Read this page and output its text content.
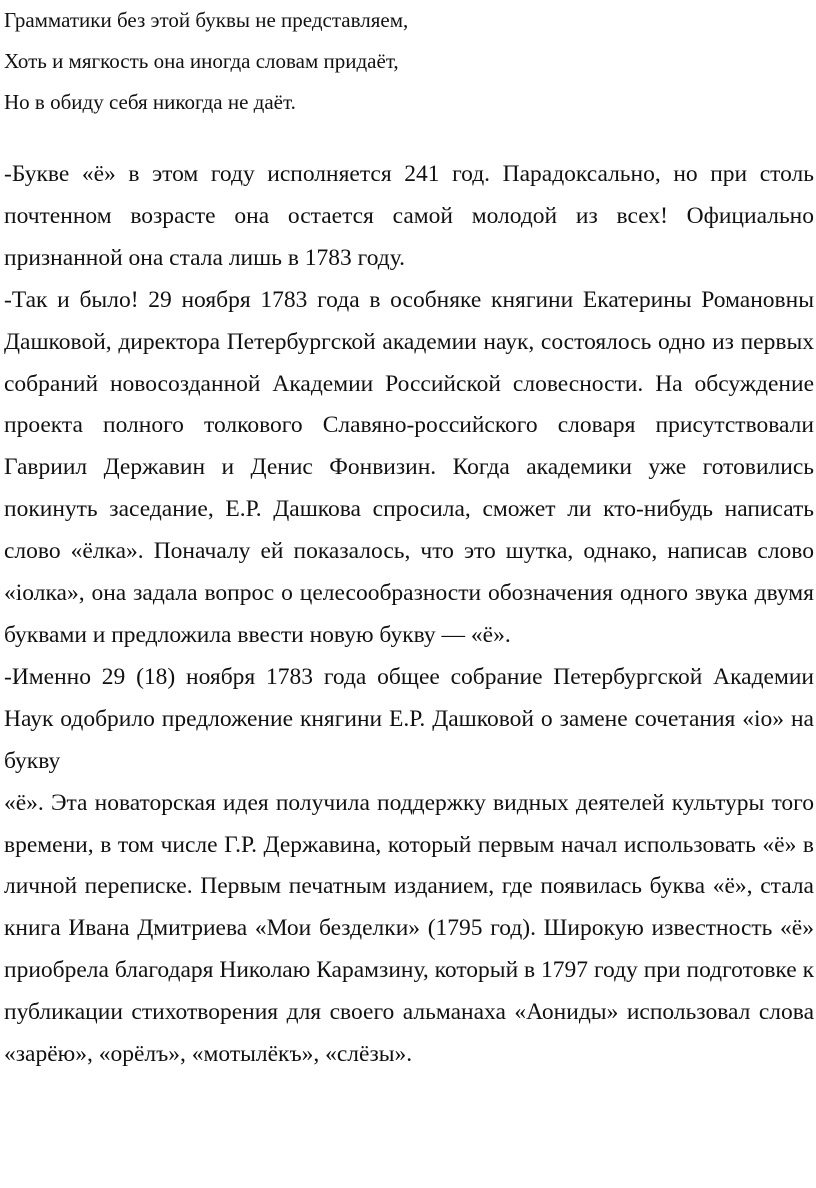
Грамматики без этой буквы не представляем,

Хоть и мягкость она иногда словам придаёт,

Но в обиду себя никогда не даёт.

-Букве «ё» в этом году исполняется 241 год. Парадоксально, но при столь почтенном возрасте она остается самой молодой из всех! Официально признанной она стала лишь в 1783 году.

-Так и было! 29 ноября 1783 года в особняке княгини Екатерины Романовны Дашковой, директора Петербургской академии наук, состоялось одно из первых собраний новосозданной Академии Российской словесности. На обсуждение проекта полного толкового Славяно-российского словаря присутствовали Гавриил Державин и Денис Фонвизин. Когда академики уже готовились покинуть заседание, Е.Р. Дашкова спросила, сможет ли кто-нибудь написать слово «ёлка». Поначалу ей показалось, что это шутка, однако, написав слово «iолка», она задала вопрос о целесообразности обозначения одного звука двумя буквами и предложила ввести новую букву — «ё».

-Именно 29 (18) ноября 1783 года общее собрание Петербургской Академии Наук одобрило предложение княгини Е.Р. Дашковой о замене сочетания «io» на букву

«ё». Эта новаторская идея получила поддержку видных деятелей культуры того времени, в том числе Г.Р. Державина, который первым начал использовать «ё» в личной переписке. Первым печатным изданием, где появилась буква «ё», стала книга Ивана Дмитриева «Мои безделки» (1795 год). Широкую известность «ё» приобрела благодаря Николаю Карамзину, который в 1797 году при подготовке к публикации стихотворения для своего альманаха «Аониды» использовал слова «зарёю», «орёлъ», «мотылёкъ», «слёзы».
